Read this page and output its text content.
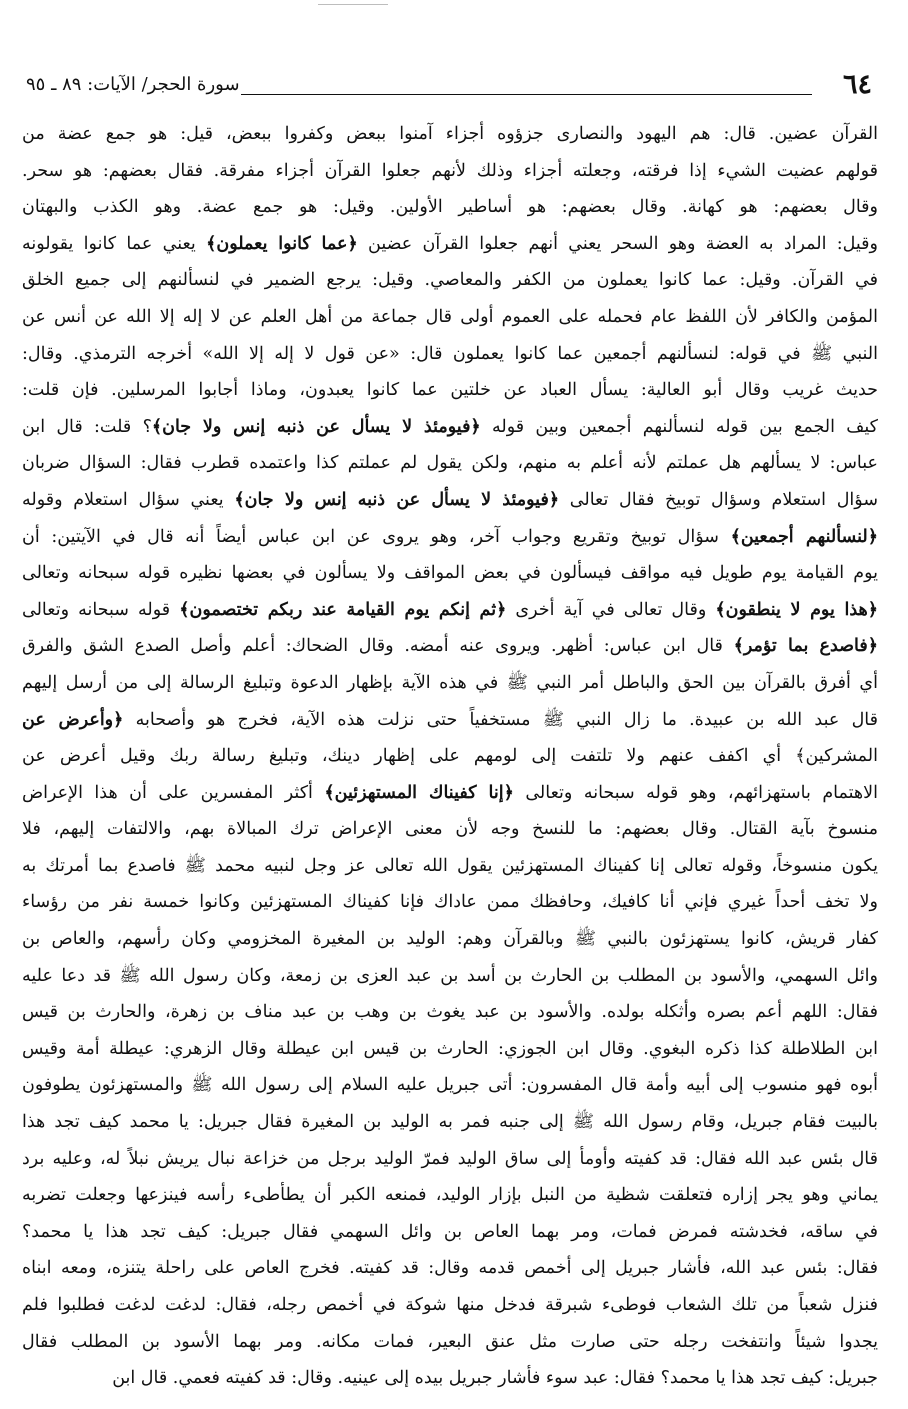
٦٤
سورة الحجر/ الآيات: ٨٩ ـ ٩٥
القرآن عضين. قال: هم اليهود والنصارى جزؤوه أجزاء آمنوا ببعض وكفروا ببعض، قيل: هو جمع عضة من
قولهم عضيت الشيء إذا فرقته، وجعلته أجزاء وذلك لأنهم جعلوا القرآن أجزاء مفرقة. فقال بعضهم: هو سحر.
وقال بعضهم: هو كهانة. وقال بعضهم: هو أساطير الأولين. وقيل: هو جمع عضة. وهو الكذب والبهتان
وقيل: المراد به العضة وهو السحر يعني أنهم جعلوا القرآن عضين ﴿عما كانوا يعملون﴾ يعني عما كانوا يقولونه
في القرآن. وقيل: عما كانوا يعملون من الكفر والمعاصي. وقيل: يرجع الضمير في لنسألنهم إلى جميع الخلق
المؤمن والكافر لأن اللفظ عام فحمله على العموم أولى قال جماعة من أهل العلم عن لا إله إلا الله عن أنس عن
النبي ﷺ في قوله: لنسألنهم أجمعين عما كانوا يعملون قال: «عن قول لا إله إلا الله» أخرجه الترمذي. وقال:
حديث غريب وقال أبو العالية: يسأل العباد عن خلتين عما كانوا يعبدون، وماذا أجابوا المرسلين. فإن قلت:
كيف الجمع بين قوله لنسألنهم أجمعين وبين قوله ﴿فيومئذ لا يسأل عن ذنبه إنس ولا جان﴾؟ قلت: قال ابن
عباس: لا يسألهم هل عملتم لأنه أعلم به منهم، ولكن يقول لم عملتم كذا واعتمده قطرب فقال: السؤال ضربان
سؤال استعلام وسؤال توبيخ فقال تعالى ﴿فيومئذ لا يسأل عن ذنبه إنس ولا جان﴾ يعني سؤال استعلام وقوله
﴿لنسألنهم أجمعين﴾ سؤال توبيخ وتقريع وجواب آخر، وهو يروى عن ابن عباس أيضاً أنه قال في الآيتين: أن
يوم القيامة يوم طويل فيه مواقف فيسألون في بعض المواقف ولا يسألون في بعضها نظيره قوله سبحانه وتعالى
﴿هذا يوم لا ينطقون﴾ وقال تعالى في آية أخرى ﴿ثم إنكم يوم القيامة عند ربكم تختصمون﴾ قوله سبحانه وتعالى
﴿فاصدع بما تؤمر﴾ قال ابن عباس: أظهر. ويروى عنه أمضه. وقال الضحاك: أعلم وأصل الصدع الشق والفرق
أي أفرق بالقرآن بين الحق والباطل أمر النبي ﷺ في هذه الآية بإظهار الدعوة وتبليغ الرسالة إلى من أرسل إليهم
قال عبد الله بن عبيدة. ما زال النبي ﷺ مستخفياً حتى نزلت هذه الآية، فخرج هو وأصحابه ﴿وأعرض عن
المشركين﴾ أي اكفف عنهم ولا تلتفت إلى لومهم على إظهار دينك، وتبليغ رسالة ربك وقيل أعرض عن
الاهتمام باستهزائهم، وهو قوله سبحانه وتعالى ﴿إنا كفيناك المستهزئين﴾ أكثر المفسرين على أن هذا الإعراض
منسوخ بآية القتال. وقال بعضهم: ما للنسخ وجه لأن معنى الإعراض ترك المبالاة بهم، والالتفات إليهم، فلا
يكون منسوخاً، وقوله تعالى إنا كفيناك المستهزئين يقول الله تعالى عز وجل لنبيه محمد ﷺ فاصدع بما أمرتك به
ولا تخف أحداً غيري فإني أنا كافيك، وحافظك ممن عاداك فإنا كفيناك المستهزئين وكانوا خمسة نفر من رؤساء
كفار قريش، كانوا يستهزئون بالنبي ﷺ وبالقرآن وهم: الوليد بن المغيرة المخزومي وكان رأسهم، والعاص بن
وائل السهمي، والأسود بن المطلب بن الحارث بن أسد بن عبد العزى بن زمعة، وكان رسول الله ﷺ قد دعا عليه
فقال: اللهم أعم بصره وأثكله بولده. والأسود بن عبد يغوث بن وهب بن عبد مناف بن زهرة، والحارث بن قيس
ابن الطلاطلة كذا ذكره البغوي. وقال ابن الجوزي: الحارث بن قيس ابن عيطلة وقال الزهري: عيطلة أمة وقيس
أبوه فهو منسوب إلى أبيه وأمة قال المفسرون: أتى جبريل عليه السلام إلى رسول الله ﷺ والمستهزئون يطوفون
بالبيت فقام جبريل، وقام رسول الله ﷺ إلى جنبه فمر به الوليد بن المغيرة فقال جبريل: يا محمد كيف تجد هذا
قال بئس عبد الله فقال: قد كفيته وأومأ إلى ساق الوليد فمرّ الوليد برجل من خزاعة نبال يريش نبلاً له، وعليه برد
يماني وهو يجر إزاره فتعلقت شظية من النبل بإزار الوليد، فمنعه الكبر أن يطأطىء رأسه فينزعها وجعلت تضربه
في ساقه، فخدشته فمرض فمات، ومر بهما العاص بن وائل السهمي فقال جبريل: كيف تجد هذا يا محمد؟
فقال: بئس عبد الله، فأشار جبريل إلى أخمص قدمه وقال: قد كفيته. فخرج العاص على راحلة يتنزه، ومعه ابناه
فنزل شعباً من تلك الشعاب فوطىء شبرقة فدخل منها شوكة في أخمص رجله، فقال: لدغت لدغت فطلبوا فلم
يجدوا شيئاً وانتفخت رجله حتى صارت مثل عنق البعير، فمات مكانه. ومر بهما الأسود بن المطلب فقال
جبريل: كيف تجد هذا يا محمد؟ فقال: عبد سوء فأشار جبريل بيده إلى عينيه. وقال: قد كفيته فعمي. قال ابن
